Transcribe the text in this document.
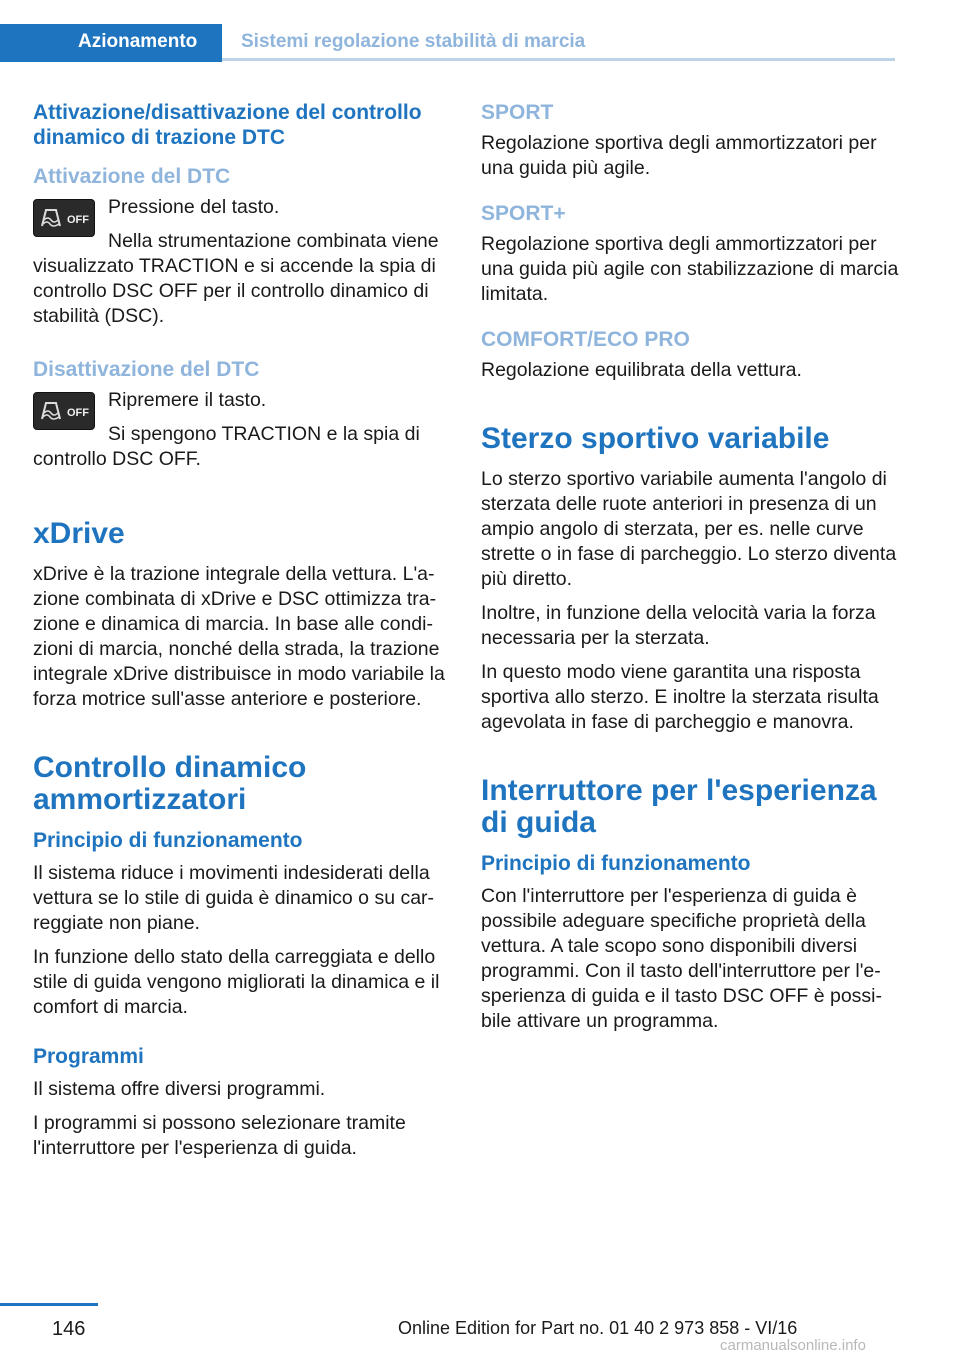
Azionamento Sistemi regolazione stabilità di marcia
Attivazione/disattivazione del controllo dinamico di trazione DTC
Attivazione del DTC
OFF

Pressione del tasto.

Nella strumentazione combinata viene visualizzato TRACTION e si accende la spia di controllo DSC OFF per il controllo dinamico di stabilità (DSC).

Disattivazione del DTC
OFF

Ripremere il tasto.

Si spengono TRACTION e la spia di controllo DSC OFF.

xDrive

xDrive è la trazione integrale della vettura. L'azione combinata di xDrive e DSC ottimizza trazione e dinamica di marcia. In base alle condizioni di marcia, nonché della strada, la trazione integrale xDrive distribuisce in modo variabile la forza motrice sull'asse anteriore e posteriore.

Controllo dinamico ammortizzatori
Principio di funzionamento

Il sistema riduce i movimenti indesiderati della vettura se lo stile di guida è dinamico o su carreggiate non piane.

In funzione dello stato della carreggiata e dello stile di guida vengono migliorati la dinamica e il comfort di marcia.

Programmi

Il sistema offre diversi programmi.

I programmi si possono selezionare tramite l'interruttore per l'esperienza di guida.

SPORT

Regolazione sportiva degli ammortizzatori per una guida più agile.

SPORT+

Regolazione sportiva degli ammortizzatori per una guida più agile con stabilizzazione di marcia limitata.

COMFORT/ECO PRO

Regolazione equilibrata della vettura.

Sterzo sportivo variabile

Lo sterzo sportivo variabile aumenta l'angolo di sterzata delle ruote anteriori in presenza di un ampio angolo di sterzata, per es. nelle curve strette o in fase di parcheggio. Lo sterzo diventa più diretto.

Inoltre, in funzione della velocità varia la forza necessaria per la sterzata.

In questo modo viene garantita una risposta sportiva allo sterzo. E inoltre la sterzata risulta agevolata in fase di parcheggio e manovra.

Interruttore per l'esperienza di guida
Principio di funzionamento

Con l'interruttore per l'esperienza di guida è possibile adeguare specifiche proprietà della vettura. A tale scopo sono disponibili diversi programmi. Con il tasto dell'interruttore per l'esperienza di guida e il tasto DSC OFF è possibile attivare un programma.

146	Online Edition for Part no. 01 40 2 973 858 - VI/16
carmanualsonline.info
